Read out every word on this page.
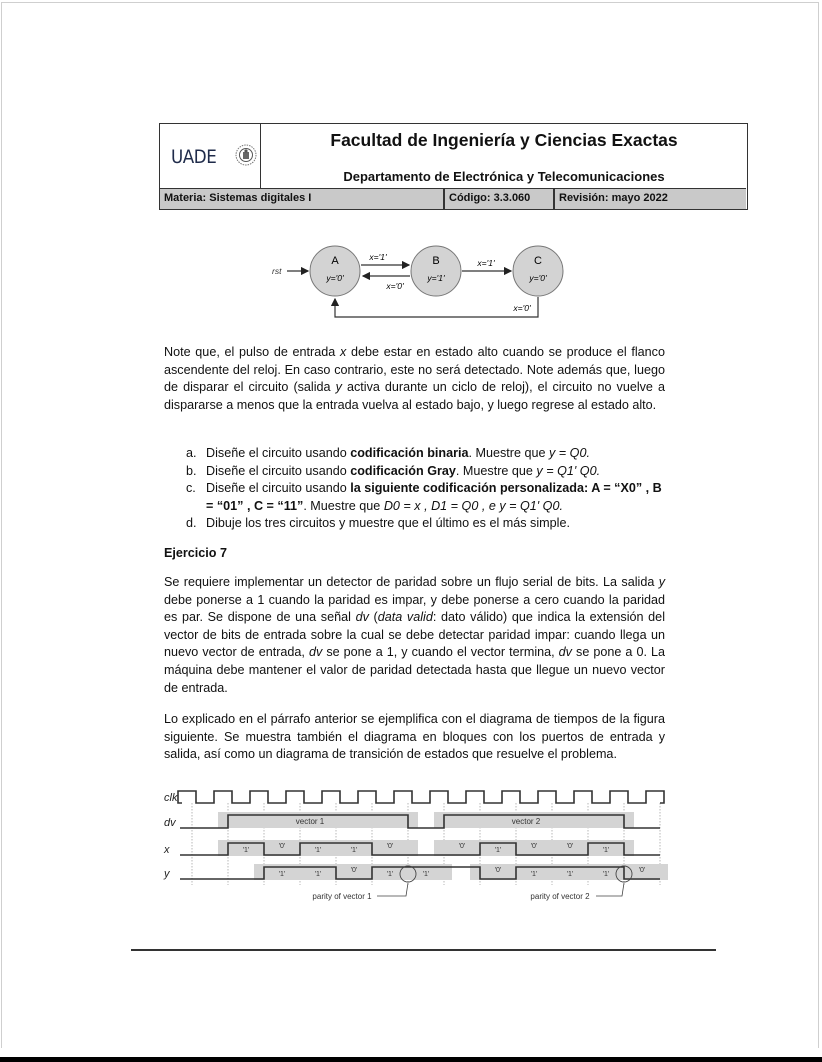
UADE
Facultad de Ingeniería y Ciencias Exactas
Departamento de Electrónica y Telecomunicaciones
Materia: Sistemas digitales I	Código: 3.3.060	Revisión: mayo 2022
rst
A
y='0'
B
y='1'
C
y='0'
x='1'
x='0'
x='1'
x='0'
Note que, el pulso de entrada x debe estar en estado alto cuando se produce el flanco ascendente del reloj. En caso contrario, este no será detectado. Note además que, luego de disparar el circuito (salida y activa durante un ciclo de reloj), el circuito no vuelve a dispararse a menos que la entrada vuelva al estado bajo, y luego regrese al estado alto.
a. Diseñe el circuito usando codificación binaria. Muestre que y = Q0.
b. Diseñe el circuito usando codificación Gray. Muestre que y = Q1' Q0.
c. Diseñe el circuito usando la siguiente codificación personalizada: A = “X0” , B = “01” , C = “11”. Muestre que D0 = x , D1 = Q0 , e y = Q1' Q0.
d. Dibuje los tres circuitos y muestre que el último es el más simple.
Ejercicio 7
Se requiere implementar un detector de paridad sobre un flujo serial de bits. La salida y debe ponerse a 1 cuando la paridad es impar, y debe ponerse a cero cuando la paridad es par. Se dispone de una señal dv (data valid: dato válido) que indica la extensión del vector de bits de entrada sobre la cual se debe detectar paridad impar: cuando llega un nuevo vector de entrada, dv se pone a 1, y cuando el vector termina, dv se pone a 0. La máquina debe mantener el valor de paridad detectada hasta que llegue un nuevo vector de entrada.
Lo explicado en el párrafo anterior se ejemplifica con el diagrama de tiempos de la figura siguiente. Se muestra también el diagrama en bloques con los puertos de entrada y salida, así como un diagrama de transición de estados que resuelve el problema.
clk
dv
x
y
vector 1	vector 2
'1'
'0'
'1'	'1'
'0'	'0'
'1'
'0'	'0'
'1'
'1'	'1'
'0'
'1'	'1'
'0'
'1'	'1'	'1'
'0'
parity of vector 1	parity of vector 2
